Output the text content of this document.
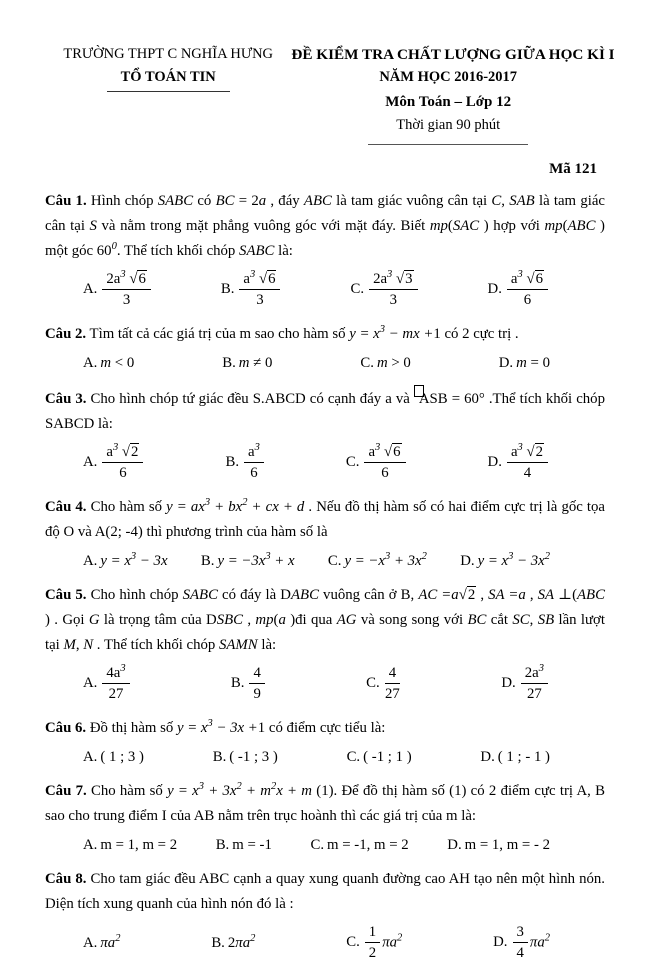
TRƯỜNG THPT C NGHĨA HƯNG
TỔ TOÁN TIN
ĐỀ KIỂM TRA CHẤT LƯỢNG GIỮA HỌC KÌ I
NĂM HỌC 2016-2017
Môn Toán – Lớp 12
Thời gian 90 phút
Mã 121

Câu 1. Hình chóp SABC có BC = 2a , đáy ABC là tam giác vuông cân tại C, SAB là tam giác cân tại S và nằm trong mặt phẳng vuông góc với mặt đáy. Biết mp(SAC ) hợp với mp(ABC ) một góc $60^0$. Thể tích khối chóp SABC là:

A. $\frac{2a^3 √6}{3}$	B. $\frac{a^3 √6}{3}$	C. $\frac{2a^3 √3}{3}$	D. $\frac{a^3 √6}{6}$

Câu 2. Tìm tất cả các giá trị của m sao cho hàm số $y = x^3$ − mx +1 có 2 cực trị .

A. m < 0	B. m ≠ 0	C. m > 0	D. m = 0

Câu 3. Cho hình chóp tứ giác đều S.ABCD có cạnh đáy a và ASB = 60° .Thể tích khối chóp SABCD là:

A. $\frac{a^3 √2}{6}$	B. $\frac{a^3}{6}$	C. $\frac{a^3 √6}{6}$	D. $\frac{a^3 √2}{4}$

Câu 4. Cho hàm số $y = ax^3 + bx^2$ + cx + d . Nếu đồ thị hàm số có hai điểm cực trị là gốc tọa độ O và A(2; -4) thì phương trình của hàm số là

A. $y = x^3 - 3x$ B. $y = -3x^3 + x$ C. $y = -x^3 + 3x^2$ D. $y = x^3 - 3x^2$

Câu 5. Cho hình chóp SABC có đáy là DABC vuông cân ở B, AC =a√2 , SA =a , SA ⊥(ABC ) . Gọi G là trọng tâm của DSBC , mp(a )đi qua AG và song song với BC cắt SC, SB lần lượt tại M, N . Thể tích khối chóp SAMN là:

A. $\frac{4a^3}{27}$	B. $\frac{4}{9}$	C. $\frac{4}{27}$	D. $\frac{2a^3}{27}$

Câu 6. Đồ thị hàm số $y = x^3 - 3x +1$ có điểm cực tiểu là:

A. ( 1 ; 3 )	B. ( -1 ; 3 )	C. ( -1 ; 1 )	D. ( 1 ; - 1 )

Câu 7. Cho hàm số $y = x^3 + 3x^2 + m^2x + m$ (1). Để đồ thị hàm số (1) có 2 điểm cực trị A, B sao cho trung điểm I của AB nằm trên trục hoành thì các giá trị của m là:

A. m = 1, m = 2	B. m = -1	C. m = -1, m = 2	D. m = 1, m = - 2

Câu 8. Cho tam giác đều ABC cạnh a quay xung quanh đường cao AH tạo nên một hình nón. Diện tích xung quanh của hình nón đó là :

A. $\pi a^2$	B. $2\pi a^2$	C. $\frac{1}{2} \pi a^2$	D. $\frac{3}{4} \pi a^2$
